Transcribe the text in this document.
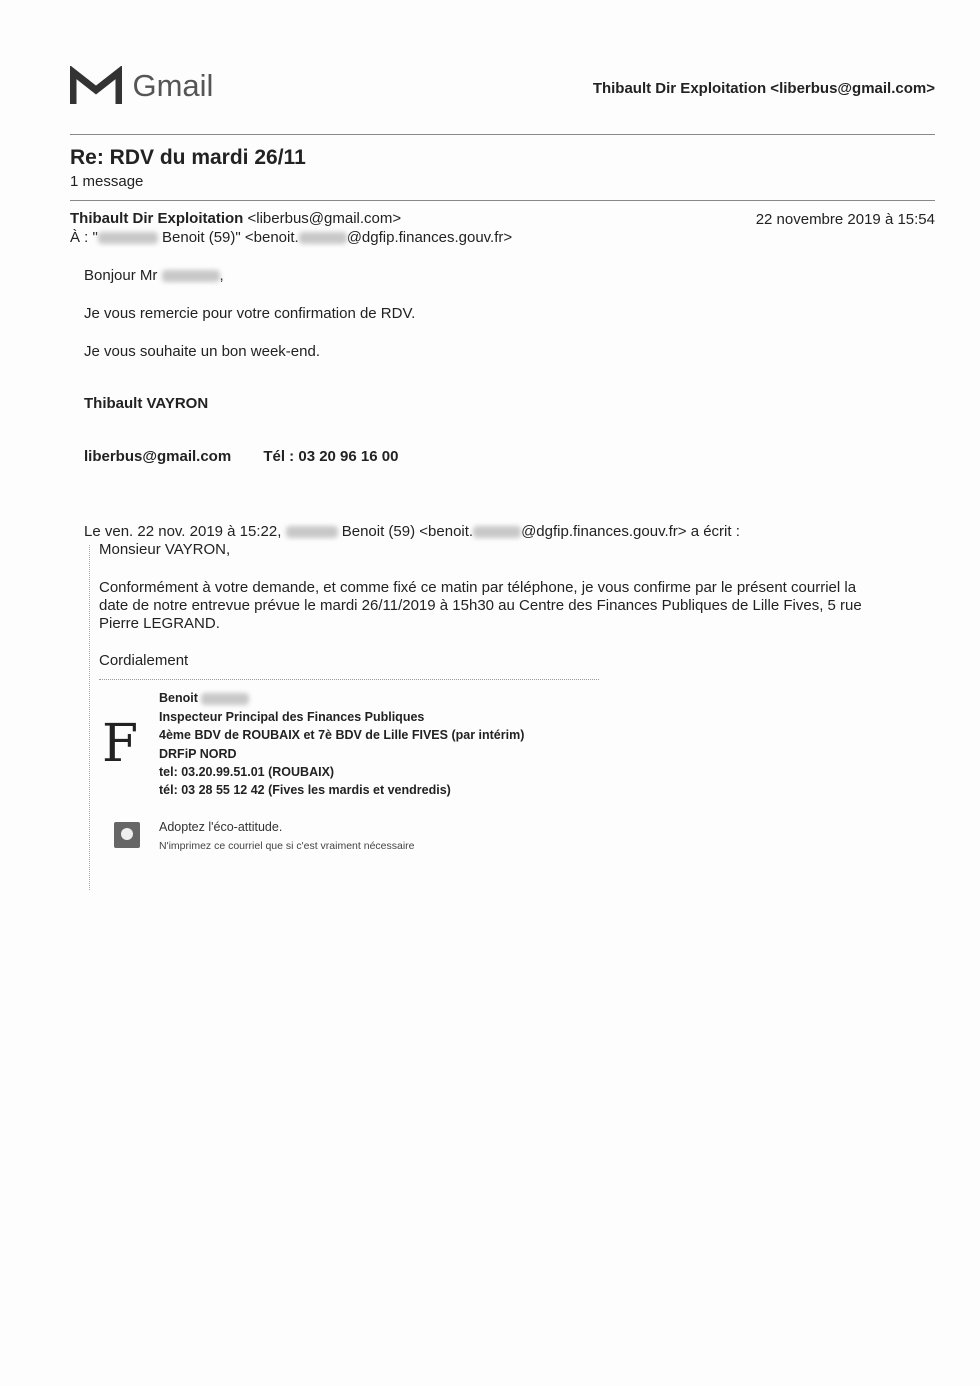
Gmail	Thibault Dir Exploitation <liberbus@gmail.com>
Re: RDV du mardi 26/11
1 message
Thibault Dir Exploitation <liberbus@gmail.com>	22 novembre 2019 à 15:54
À : "	Benoit (59)" <benoit.	@dgfip.finances.gouv.fr>
Bonjour Mr	,
Je vous remercie pour votre confirmation de RDV.
Je vous souhaite un bon week-end.
Thibault VAYRON
liberbus@gmail.com Tél : 03 20 96 16 00
Le ven. 22 nov. 2019 à 15:22,	Benoit (59) <benoit.	@dgfip.finances.gouv.fr> a écrit :
Monsieur VAYRON,
Conformément à votre demande, et comme fixé ce matin par téléphone, je vous confirme par le présent courriel la
date de notre entrevue prévue le mardi 26/11/2019 à 15h30 au Centre des Finances Publiques de Lille Fives, 5 rue
Pierre LEGRAND.
Cordialement
F
Benoit
Inspecteur Principal des Finances Publiques
4ème BDV de ROUBAIX et 7è BDV de Lille FIVES (par intérim)
DRFiP NORD
tel: 03.20.99.51.01 (ROUBAIX)
tél: 03 28 55 12 42 (Fives les mardis et vendredis)
Adoptez l'éco-attitude.
N'imprimez ce courriel que si c'est vraiment nécessaire
